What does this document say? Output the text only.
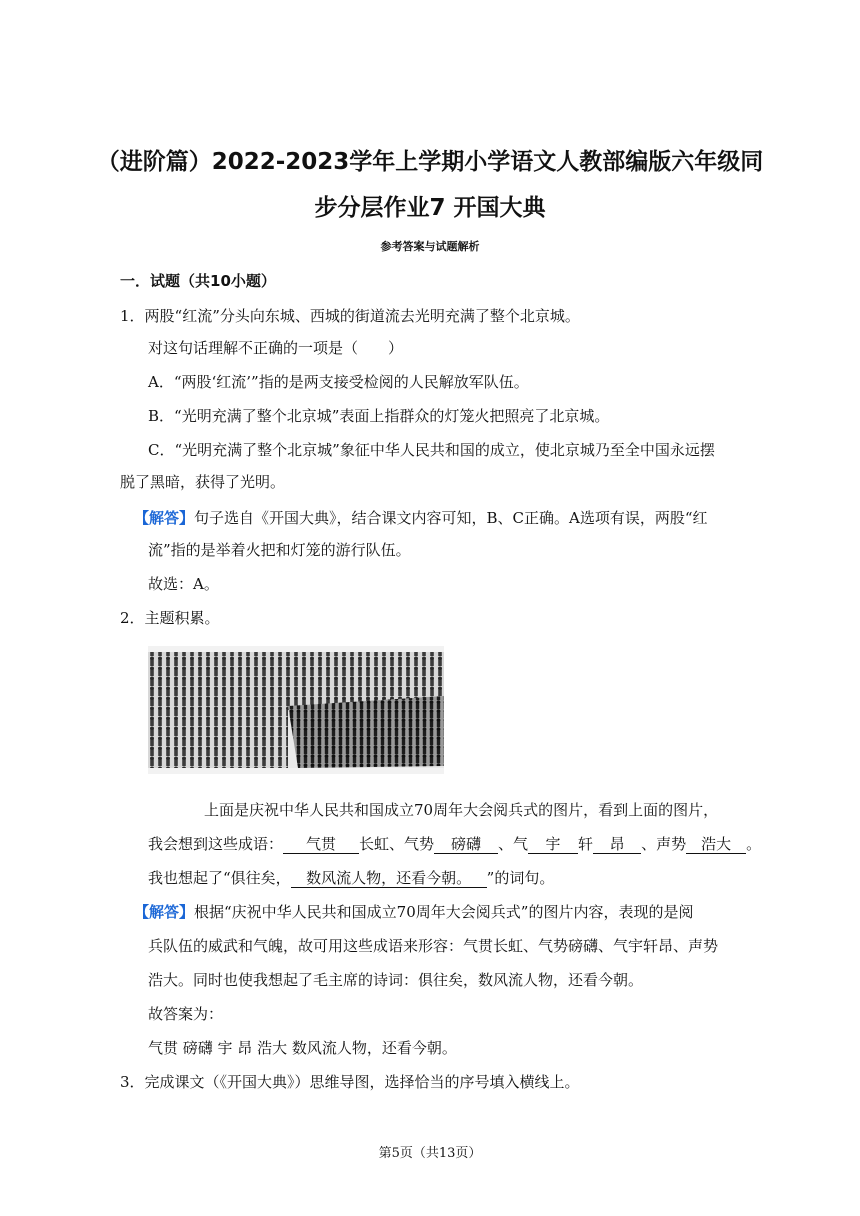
（进阶篇）2022-2023学年上学期小学语文人教部编版六年级同
步分层作业7 开国大典
参考答案与试题解析
一．试题（共10小题）
1．两股“红流”分头向东城、西城的街道流去光明充满了整个北京城。
对这句话理解不正确的一项是（　　）
A．“两股‘红流’”指的是两支接受检阅的人民解放军队伍。
B．“光明充满了整个北京城”表面上指群众的灯笼火把照亮了北京城。
C．“光明充满了整个北京城”象征中华人民共和国的成立，使北京城乃至全中国永远摆
脱了黑暗，获得了光明。
【解答】句子选自《开国大典》，结合课文内容可知，B、C正确。A选项有误，两股“红
流”指的是举着火把和灯笼的游行队伍。
故选：A。
2．主题积累。
上面是庆祝中华人民共和国成立70周年大会阅兵式的图片，看到上面的图片，
我会想到这些成语： 气贯 长虹、气势 磅礴 、气 宇 轩 昂 、声势 浩大 。
我也想起了“俱往矣， 数风流人物，还看今朝。 ”的词句。
【解答】根据“庆祝中华人民共和国成立70周年大会阅兵式”的图片内容，表现的是阅
兵队伍的威武和气魄，故可用这些成语来形容：气贯长虹、气势磅礴、气宇轩昂、声势
浩大。同时也使我想起了毛主席的诗词：俱往矣，数风流人物，还看今朝。
故答案为：
气贯 磅礴 宇 昂 浩大 数风流人物，还看今朝。
3．完成课文（《开国大典》）思维导图，选择恰当的序号填入横线上。
第5页（共13页）
